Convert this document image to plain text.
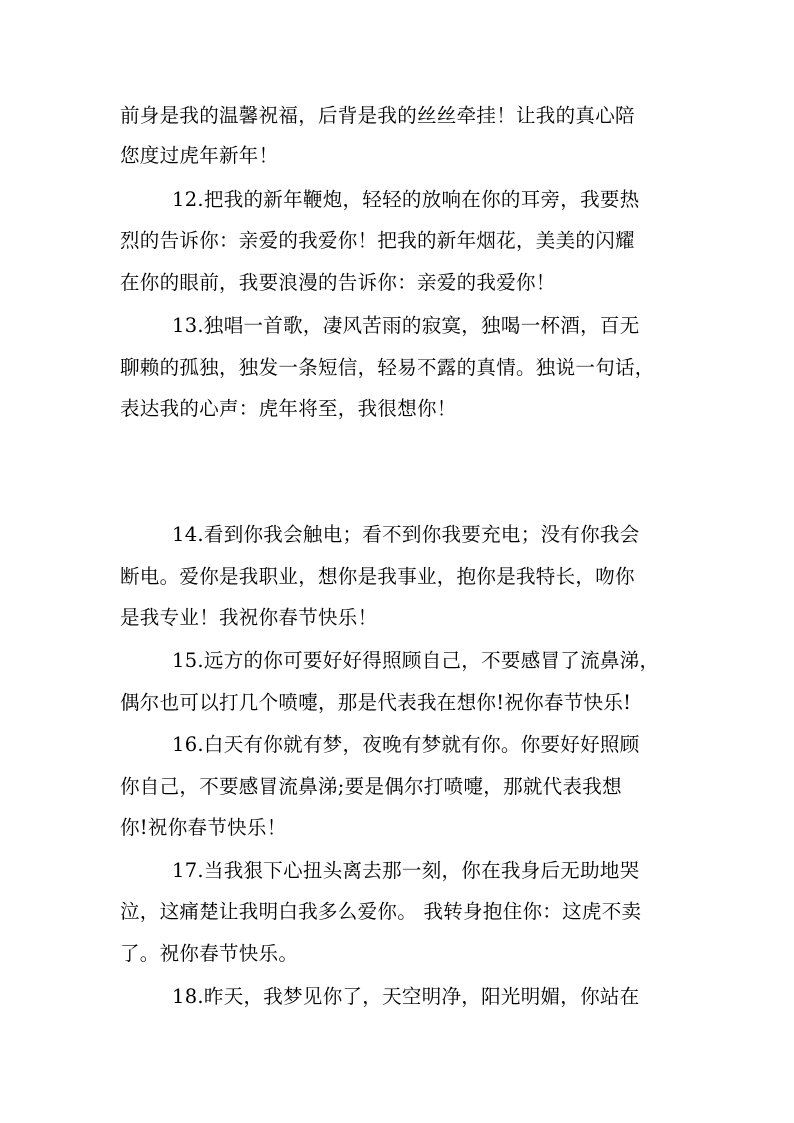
前身是我的温馨祝福，后背是我的丝丝牵挂！让我的真心陪
您度过虎年新年！
12.把我的新年鞭炮，轻轻的放响在你的耳旁，我要热
烈的告诉你：亲爱的我爱你！把我的新年烟花，美美的闪耀
在你的眼前，我要浪漫的告诉你：亲爱的我爱你！
13.独唱一首歌，凄风苦雨的寂寞，独喝一杯酒，百无
聊赖的孤独，独发一条短信，轻易不露的真情。独说一句话，
表达我的心声：虎年将至，我很想你！
14.看到你我会触电；看不到你我要充电；没有你我会
断电。爱你是我职业，想你是我事业，抱你是我特长，吻你
是我专业！我祝你春节快乐！
15.远方的你可要好好得照顾自己，不要感冒了流鼻涕，
偶尔也可以打几个喷嚏，那是代表我在想你!祝你春节快乐!
16.白天有你就有梦，夜晚有梦就有你。你要好好照顾
你自己，不要感冒流鼻涕;要是偶尔打喷嚏，那就代表我想
你!祝你春节快乐！
17.当我狠下心扭头离去那一刻，你在我身后无助地哭
泣，这痛楚让我明白我多么爱你。 我转身抱住你：这虎不卖
了。祝你春节快乐。
18.昨天，我梦见你了，天空明净，阳光明媚，你站在
